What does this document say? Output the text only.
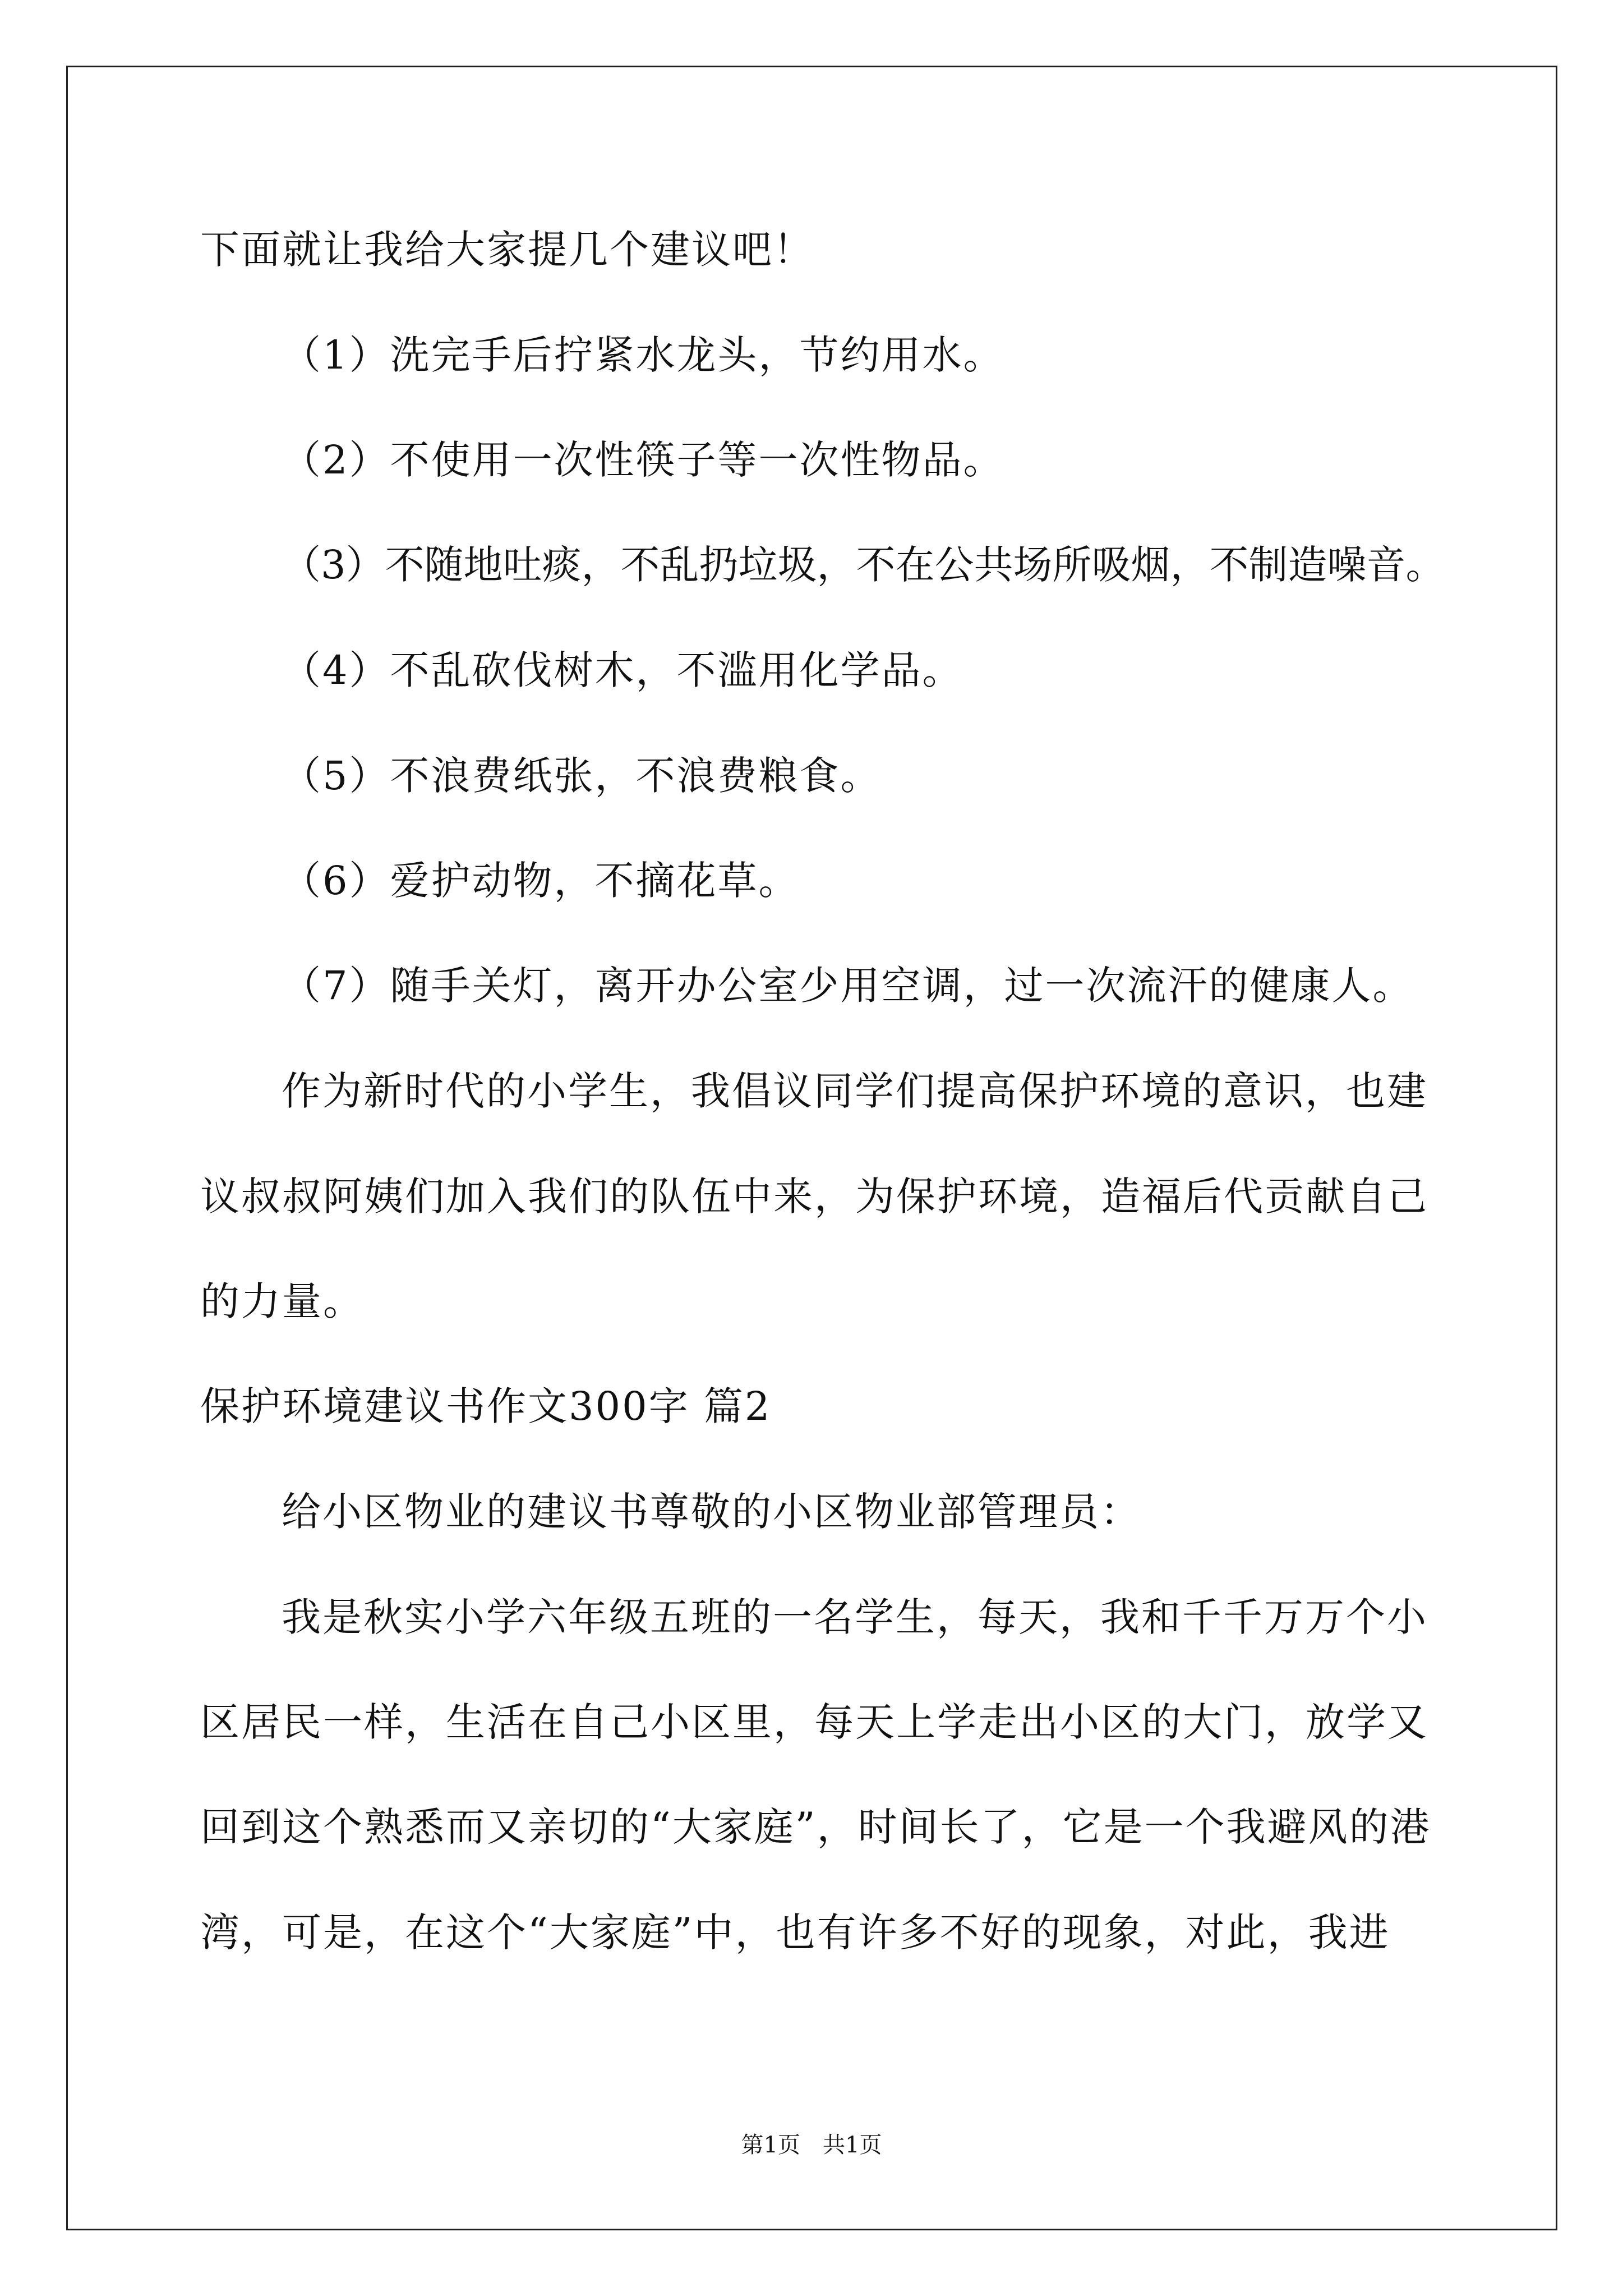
下面就让我给大家提几个建议吧！
（1）洗完手后拧紧水龙头，节约用水。
（2）不使用一次性筷子等一次性物品。
（3）不随地吐痰，不乱扔垃圾，不在公共场所吸烟，不制造噪音。
（4）不乱砍伐树木，不滥用化学品。
（5）不浪费纸张，不浪费粮食。
（6）爱护动物，不摘花草。
（7）随手关灯，离开办公室少用空调，过一次流汗的健康人。
作为新时代的小学生，我倡议同学们提高保护环境的意识，也建
议叔叔阿姨们加入我们的队伍中来，为保护环境，造福后代贡献自己
的力量。
保护环境建议书作文300字 篇2
给小区物业的建议书尊敬的小区物业部管理员：
我是秋实小学六年级五班的一名学生，每天，我和千千万万个小
区居民一样，生活在自己小区里，每天上学走出小区的大门，放学又
回到这个熟悉而又亲切的“大家庭”，时间长了，它是一个我避风的港
湾，可是，在这个“大家庭”中，也有许多不好的现象，对此，我进
第1页　共1页
